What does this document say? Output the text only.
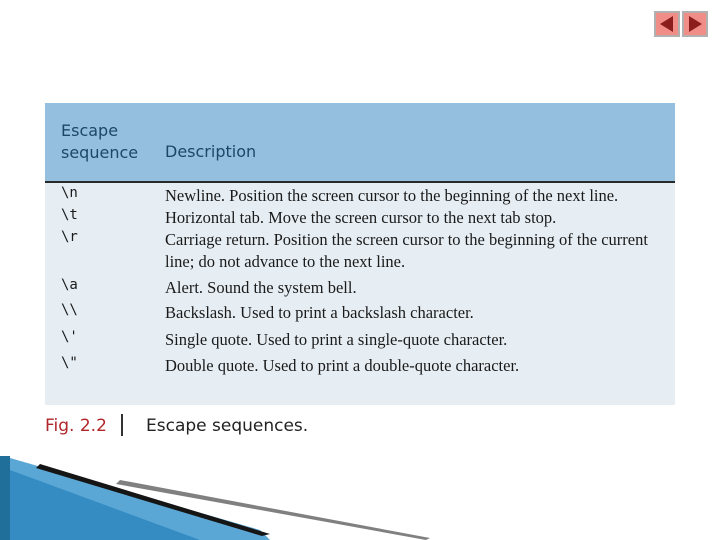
Escape
sequence	Description
\n	Newline. Position the screen cursor to the beginning of the next line.
\t	Horizontal tab. Move the screen cursor to the next tab stop.
\r	Carriage return. Position the screen cursor to the beginning of the current line; do not advance to the next line.
\a	Alert. Sound the system bell.
\\	Backslash. Used to print a backslash character.
\'	Single quote. Used to print a single-quote character.
\"	Double quote. Used to print a double-quote character.
Fig. 2.2 Escape sequences.
